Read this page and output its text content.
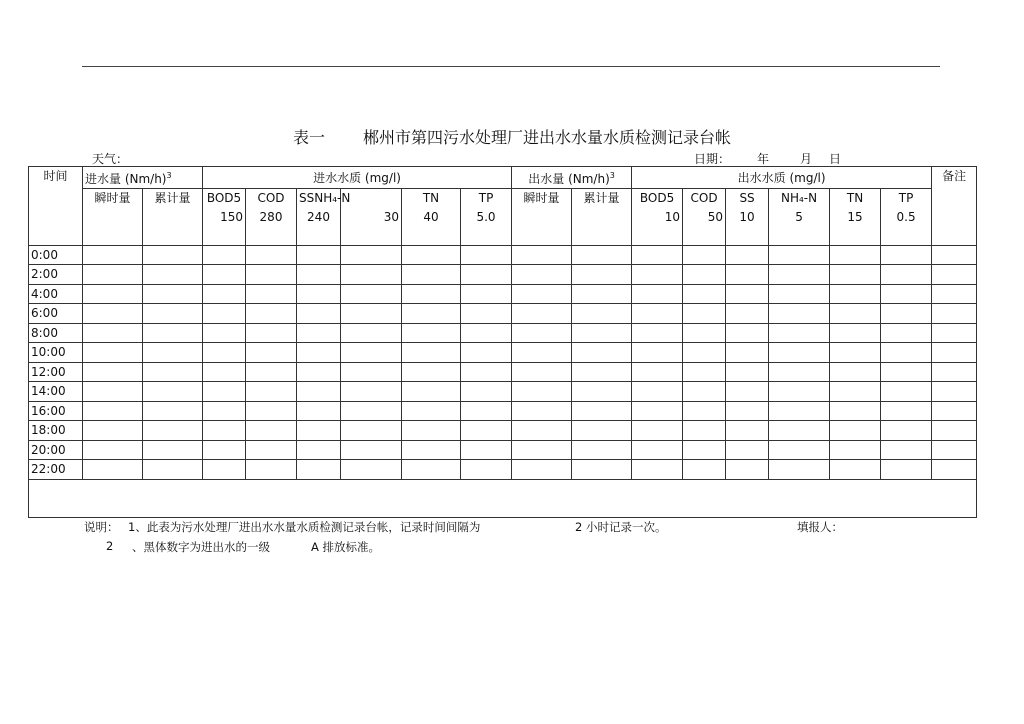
表一 郴州市第四污水处理厂进出水水量水质检测记录台帐
天气：	日期： 年	月 日
时间	进水量 $(Nm/h)^3$		进水水质 (mg/l)						出水量 $(Nm/h)^3$		出水水质 (mg/l)						备注
	瞬时量	累计量	BOD5	COD	SSNH₄-N		TN	TP	瞬时量	累计量	BOD5	COD	SS	NH₄-N	TN	TP	
			150	280	240	30	40	5.0			10	50	10	5	15	0.5	

0:00																	
2:00																	
4:00																	
6:00																	
8:00																	
10:00																	
12:00																	
14:00																	
16:00																	
18:00																	
20:00																	
22:00																	

说明： 1、此表为污水处理厂进出水水量水质检测记录台帐，记录时间间隔为	2 小时记录一次。	填报人：
2 、黑体数字为进出水的一级	A 排放标准。
